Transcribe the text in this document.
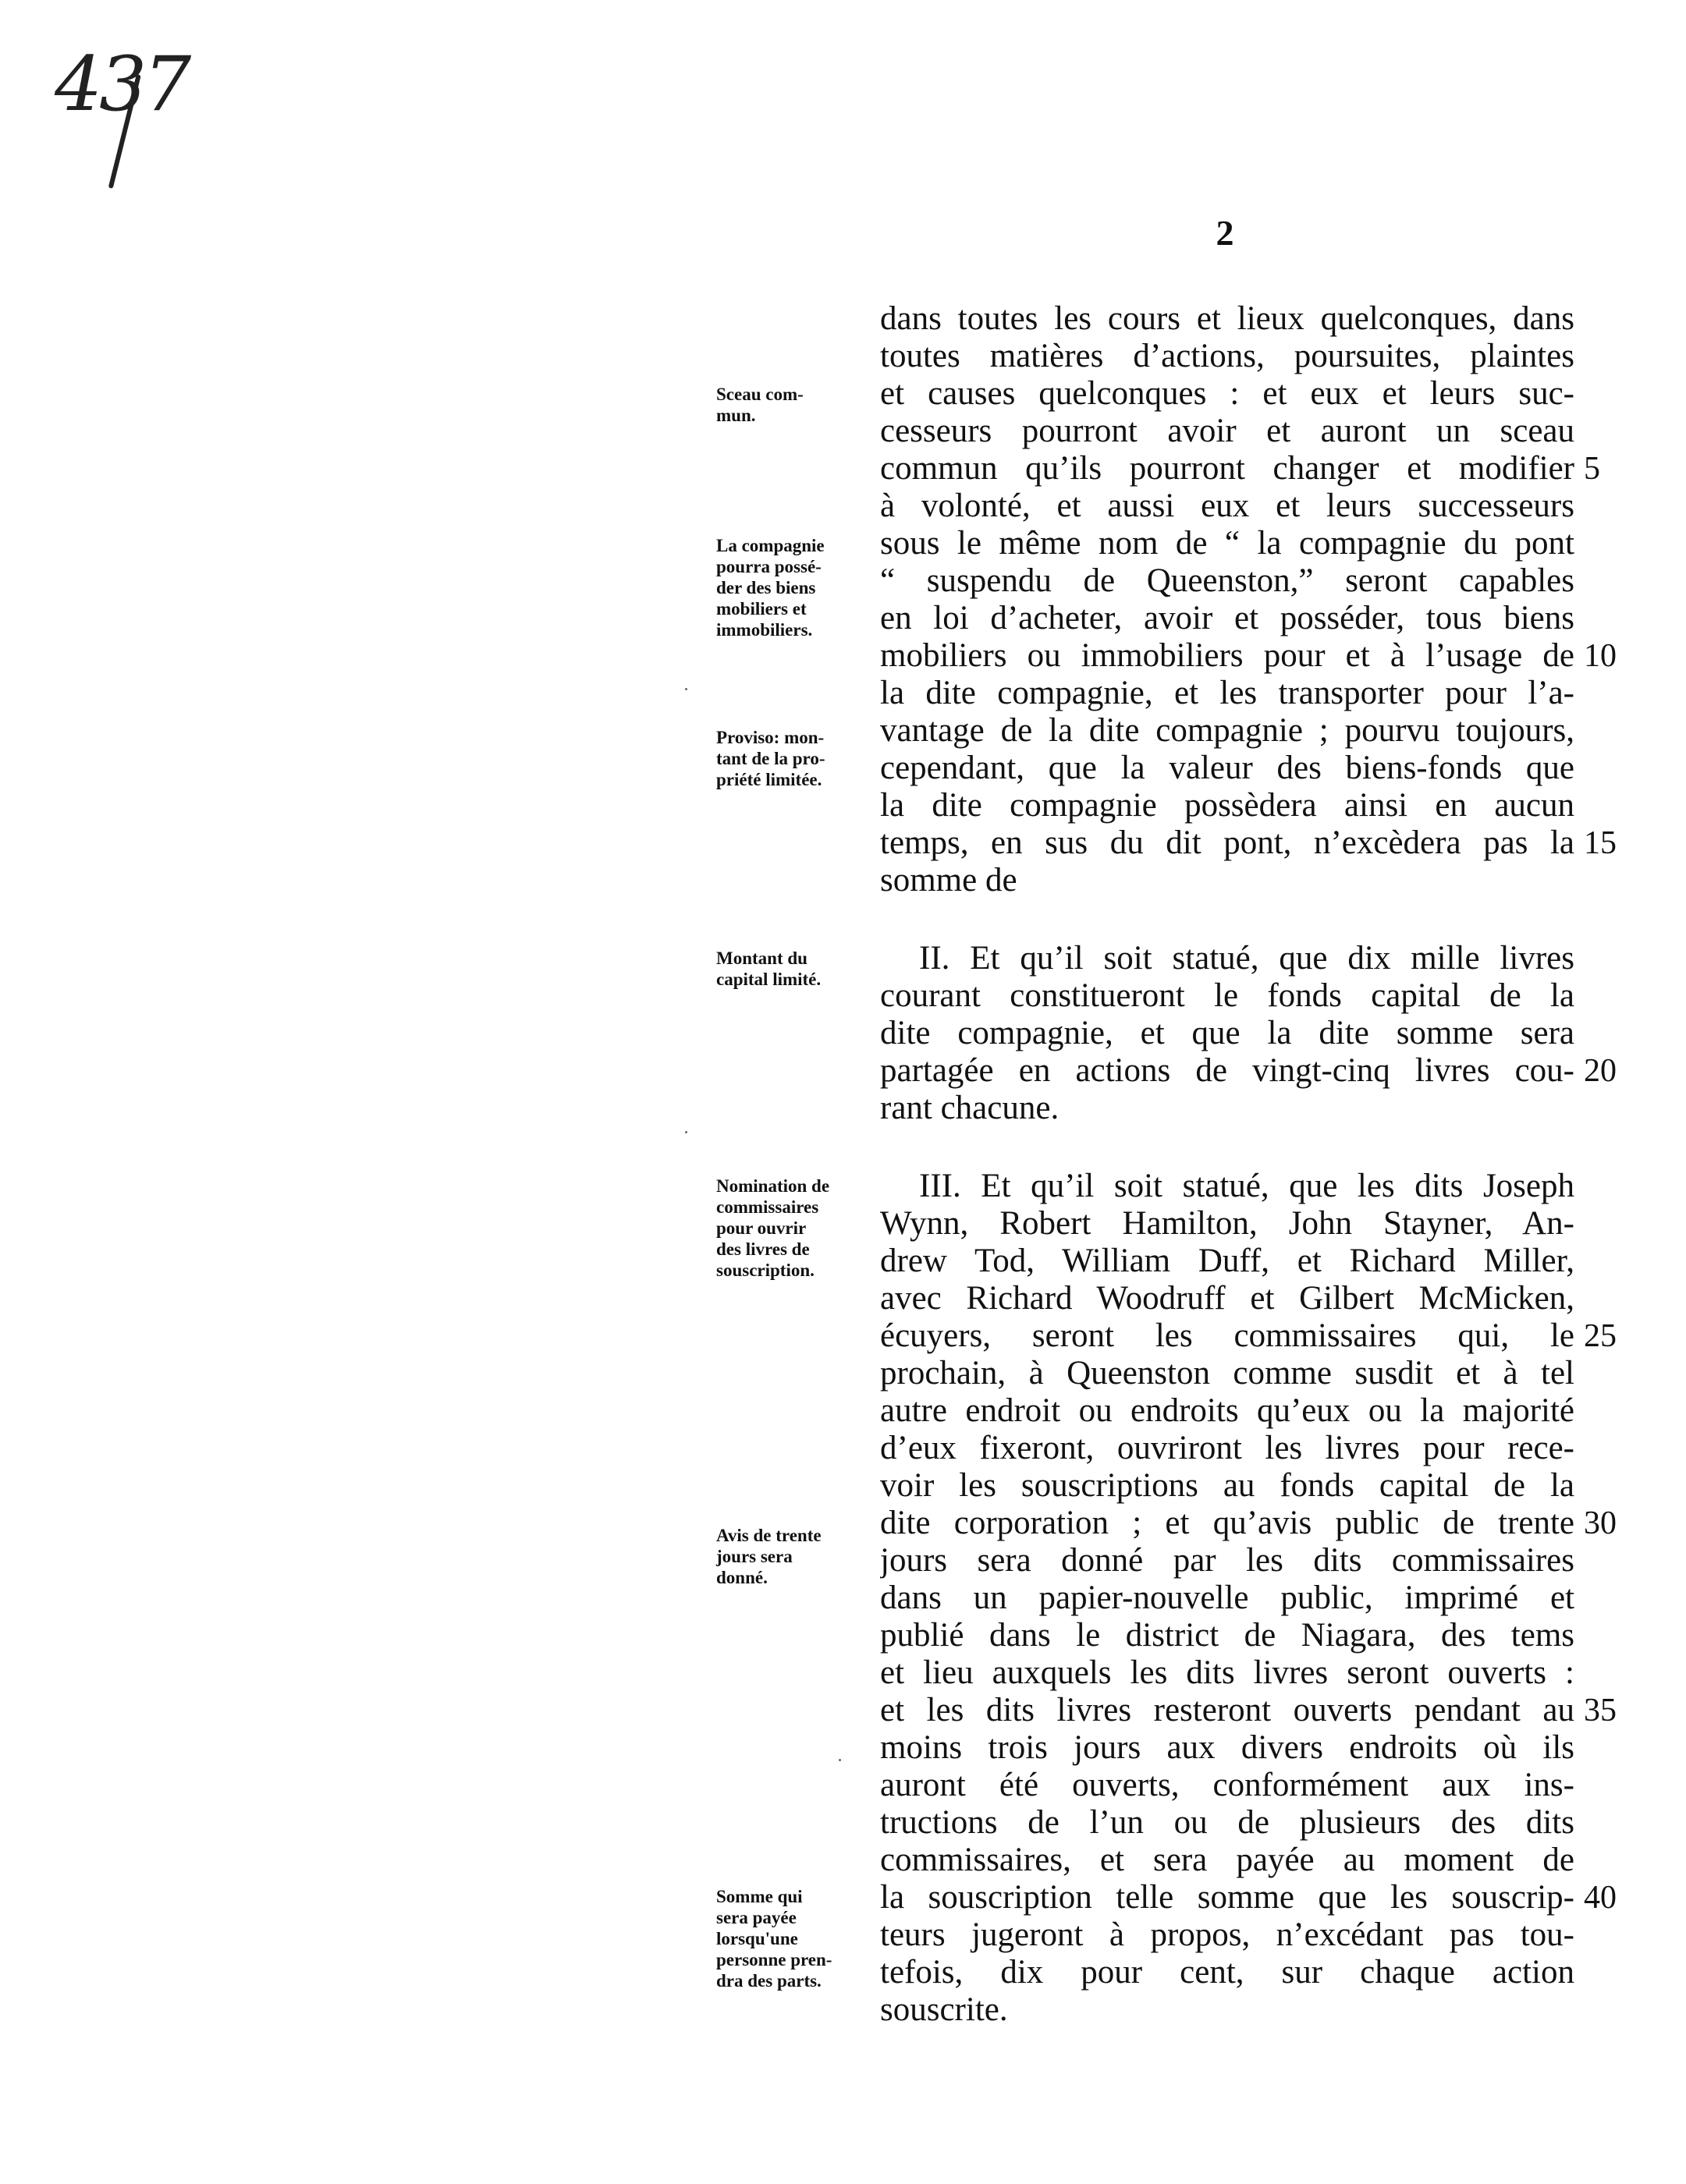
437
2
dans toutes les cours et lieux quelconques, dans
toutes matières d’actions, poursuites, plaintes
et causes quelconques : et eux et leurs suc-
cesseurs pourront avoir et auront un sceau
commun qu’ils pourront changer et modifier
à volonté, et aussi eux et leurs successeurs
sous le même nom de “ la compagnie du pont
“ suspendu de Queenston,” seront capables
en loi d’acheter, avoir et posséder, tous biens
mobiliers ou immobiliers pour et à l’usage de
la dite compagnie, et les transporter pour l’a-
vantage de la dite compagnie ; pourvu toujours,
cependant, que la valeur des biens-fonds que
la dite compagnie possèdera ainsi en aucun
temps, en sus du dit pont, n’excèdera pas la
somme de
II. Et qu’il soit statué, que dix mille livres
courant constitueront le fonds capital de la
dite compagnie, et que la dite somme sera
partagée en actions de vingt-cinq livres cou-
rant chacune.
III. Et qu’il soit statué, que les dits Joseph
Wynn, Robert Hamilton, John Stayner, An-
drew Tod, William Duff, et Richard Miller,
avec Richard Woodruff et Gilbert McMicken,
écuyers, seront les commissaires qui, le
prochain, à Queenston comme susdit et à tel
autre endroit ou endroits qu’eux ou la majorité
d’eux fixeront, ouvriront les livres pour rece-
voir les souscriptions au fonds capital de la
dite corporation ; et qu’avis public de trente
jours sera donné par les dits commissaires
dans un papier-nouvelle public, imprimé et
publié dans le district de Niagara, des tems
et lieu auxquels les dits livres seront ouverts :
et les dits livres resteront ouverts pendant au
moins trois jours aux divers endroits où ils
auront été ouverts, conformément aux ins-
tructions de l’un ou de plusieurs des dits
commissaires, et sera payée au moment de
la souscription telle somme que les souscrip-
teurs jugeront à propos, n’excédant pas tou-
tefois, dix pour cent, sur chaque action
souscrite.
5
10
15
20
25
30
35
40
Sceau com-
mun.
La compagnie
pourra possé-
der des biens
mobiliers et
immobiliers.
Proviso: mon-
tant de la pro-
priété limitée.
Montant du
capital limité.
Nomination de
commissaires
pour ouvrir
des livres de
souscription.
Avis de trente
jours sera
donné.
Somme qui
sera payée
lorsqu'une
personne pren-
dra des parts.
